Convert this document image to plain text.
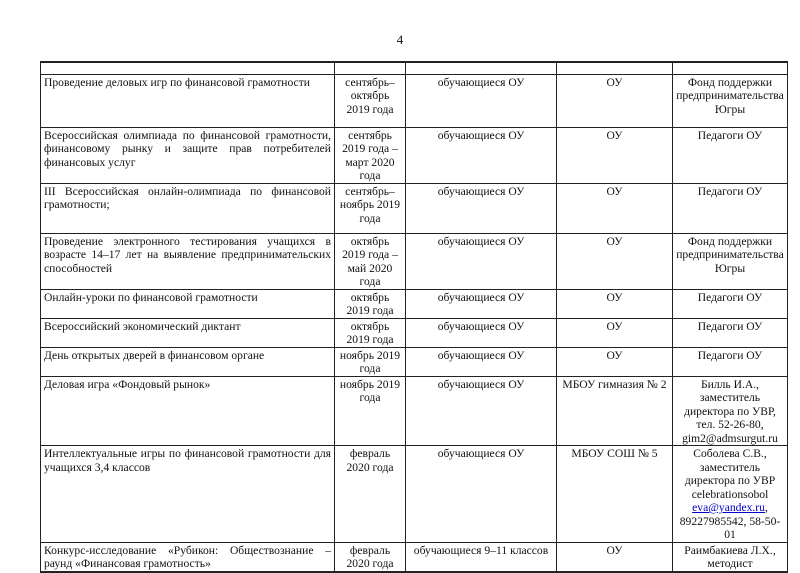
4

Проведение деловых игр по финансовой грамотности	сентябрь–октябрь 2019 года	обучающиеся ОУ	ОУ	Фонд поддержки предпринимательства Югры
Всероссийская олимпиада по финансовой грамотности, финансовому рынку и защите прав потребителей финансовых услуг	сентябрь 2019 года – март 2020 года	обучающиеся ОУ	ОУ	Педагоги ОУ
III Всероссийская онлайн-олимпиада по финансовой грамотности;	сентябрь–ноябрь 2019 года	обучающиеся ОУ	ОУ	Педагоги ОУ
Проведение электронного тестирования учащихся в возрасте 14–17 лет на выявление предпринимательских способностей	октябрь 2019 года – май 2020 года	обучающиеся ОУ	ОУ	Фонд поддержки предпринимательства Югры
Онлайн-уроки по финансовой грамотности	октябрь 2019 года	обучающиеся ОУ	ОУ	Педагоги ОУ
Всероссийский экономический диктант	октябрь 2019 года	обучающиеся ОУ	ОУ	Педагоги ОУ
День открытых дверей в финансовом органе	ноябрь 2019 года	обучающиеся ОУ	ОУ	Педагоги ОУ
Деловая игра «Фондовый рынок»	ноябрь 2019 года	обучающиеся ОУ	МБОУ гимназия № 2	Билль И.А., заместитель директора по УВР, тел. 52-26-80, gim2@admsurgut.ru
Интеллектуальные игры по финансовой грамотности для учащихся 3,4 классов	февраль 2020 года	обучающиеся ОУ	МБОУ СОШ № 5	Соболева С.В., заместитель директора по УВР celebrationsobol eva@yandex.ru, 89227985542, 58-50-01
Конкурс-исследование «Рубикон: Обществознание – раунд «Финансовая грамотность»	февраль 2020 года	обучающиеся 9–11 классов	ОУ	Раимбакиева Л.Х., методист
